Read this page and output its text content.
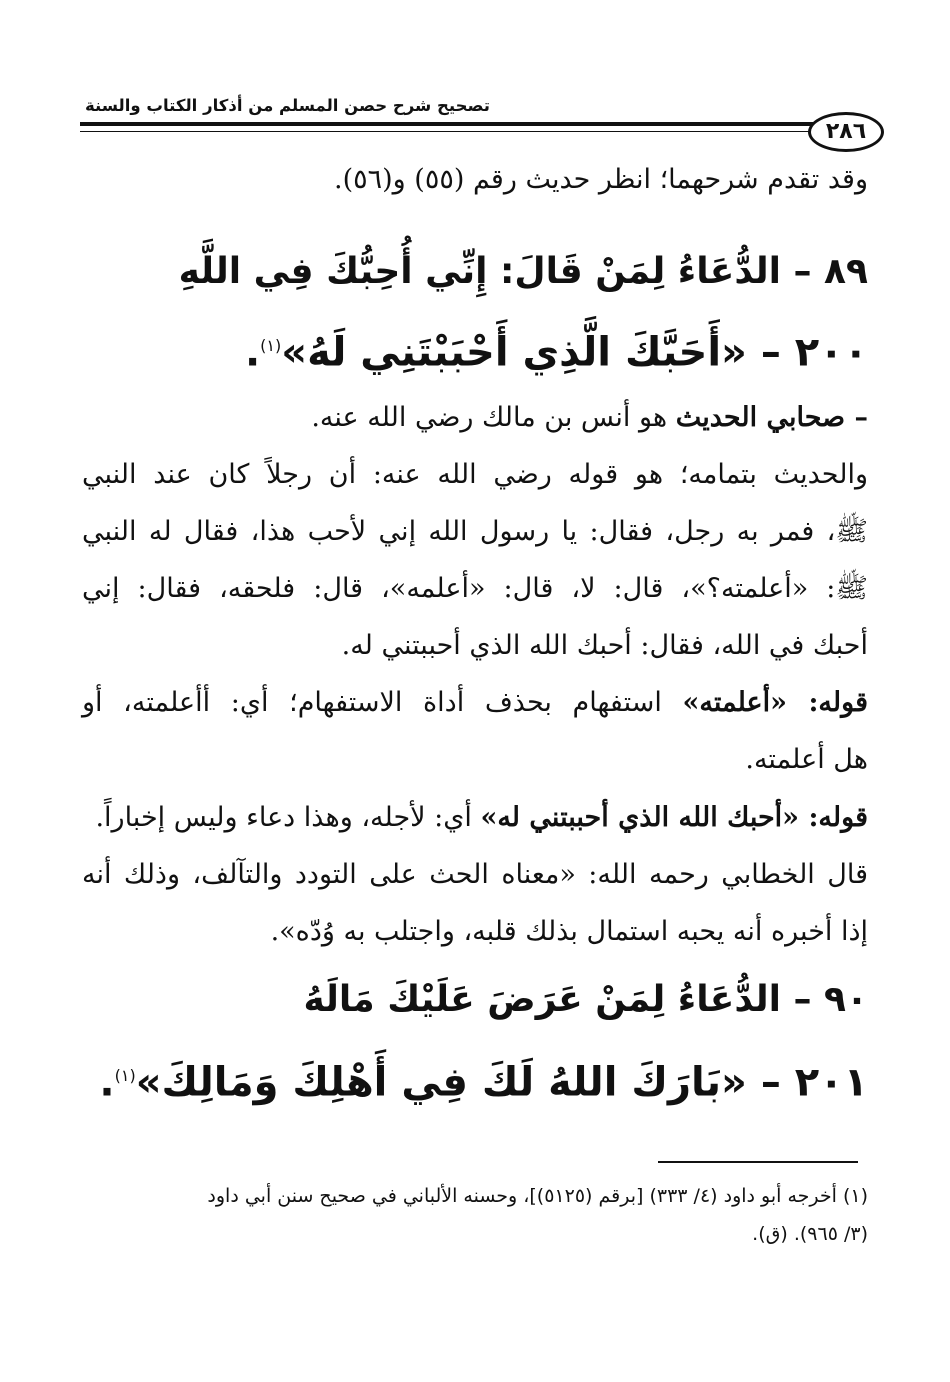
تصحيح شرح حصن المسلم من أذكار الكتاب والسنة
٢٨٦
وقد تقدم شرحهما؛ انظر حديث رقم (٥٥) و(٥٦).
٨٩ – الدُّعَاءُ لِمَنْ قَالَ: إِنِّي أُحِبُّكَ فِي اللَّهِ
٢٠٠ – «أَحَبَّكَ الَّذِي أَحْبَبْتَنِي لَهُ»$^{(١)}$.
– صحابي الحديث هو أنس بن مالك رضي الله عنه.
والحديث بتمامه؛ هو قوله رضي الله عنه: أن رجلاً كان عند النبي
ﷺ، فمر به رجل، فقال: يا رسول الله إني لأحب هذا، فقال له النبي
ﷺ: «أعلمته؟»، قال: لا، قال: «أعلمه»، قال: فلحقه، فقال: إني
أحبك في الله، فقال: أحبك الله الذي أحببتني له.
قوله: «أعلمته» استفهام بحذف أداة الاستفهام؛ أي: أأعلمته، أو
هل أعلمته.
قوله: «أحبك الله الذي أحببتني له» أي: لأجله، وهذا دعاء وليس إخباراً.
قال الخطابي رحمه الله: «معناه الحث على التودد والتآلف، وذلك أنه
إذا أخبره أنه يحبه استمال بذلك قلبه، واجتلب به وُدّه».
٩٠ – الدُّعَاءُ لِمَنْ عَرَضَ عَلَيْكَ مَالَهُ
٢٠١ – «بَارَكَ اللهُ لَكَ فِي أَهْلِكَ وَمَالِكَ»$^{(١)}$.
(١) أخرجه أبو داود (٤/ ٣٣٣) [برقم (٥١٢٥)]، وحسنه الألباني في صحيح سنن أبي داود
(٣/ ٩٦٥). (ق).
